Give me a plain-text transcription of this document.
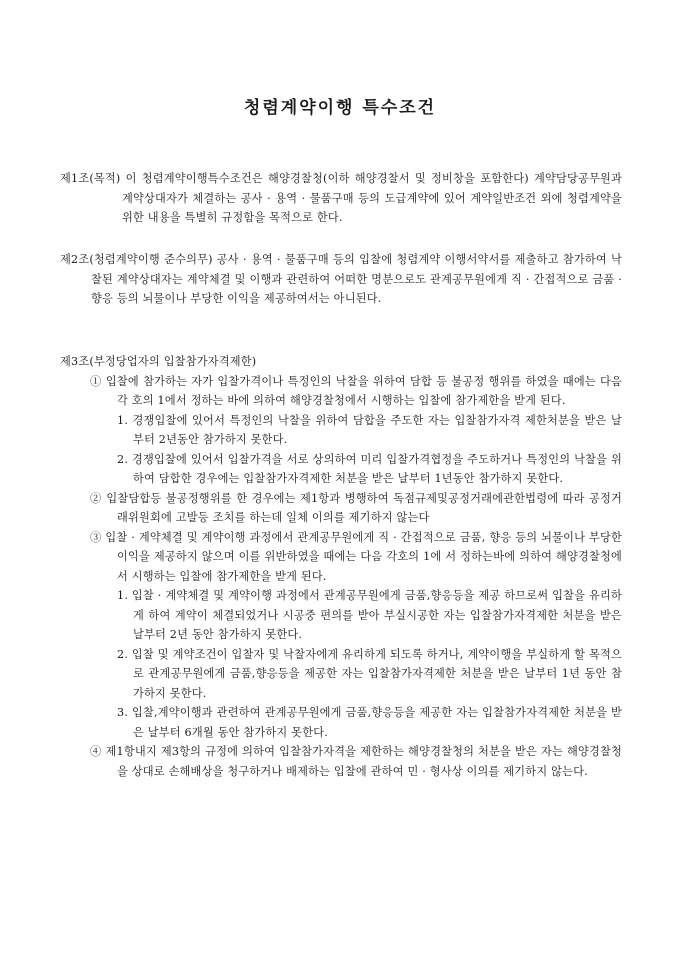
청렴계약이행 특수조건

제1조(목적) 이 청렴계약이행특수조건은 해양경찰청(이하 해양경찰서 및 정비창을 포함한다) 계약담당공무원과 계약상대자가 체결하는 공사 · 용역 · 물품구매 등의 도급계약에 있어 계약일반조건 외에 청렴계약을 위한 내용을 특별히 규정함을 목적으로 한다.

제2조(청렴계약이행 준수의무) 공사 · 용역 · 물품구매 등의 입찰에 청렴계약 이행서약서를 제출하고 참가하여 낙찰된 계약상대자는 계약체결 및 이행과 관련하여 어떠한 명분으로도 관계공무원에게 직 · 간접적으로 금품 · 향응 등의 뇌물이나 부당한 이익을 제공하여서는 아니된다.

제3조(부정당업자의 입찰참가자격제한)

① 입찰에 참가하는 자가 입찰가격이나 특정인의 낙찰을 위하여 담합 등 불공정 행위를 하였을 때에는 다음 각 호의 1에서 정하는 바에 의하여 해양경찰청에서 시행하는 입찰에 참가제한을 받게 된다.

1. 경쟁입찰에 있어서 특정인의 낙찰을 위하여 담합을 주도한 자는 입찰참가자격 제한처분을 받은 날부터 2년동안 참가하지 못한다.

2. 경쟁입찰에 있어서 입찰가격을 서로 상의하여 미리 입찰가격협정을 주도하거나 특정인의 낙찰을 위하여 담합한 경우에는 입찰참가자격제한 처분을 받은 날부터 1년동안 참가하지 못한다.

② 입찰담합등 불공정행위를 한 경우에는 제1항과 병행하여 독점규제및공정거래에관한법령에 따라 공정거래위원회에 고발등 조치를 하는데 일체 이의를 제기하지 않는다

③ 입찰 · 계약체결 및 계약이행 과정에서 관계공무원에게 직 · 간접적으로 금품, 향응 등의 뇌물이나 부당한 이익을 제공하지 않으며 이를 위반하였을 때에는 다음 각호의 1에 서 정하는바에 의하여 해양경찰청에서 시행하는 입찰에 참가제한을 받게 된다.

1. 입찰 · 계약체결 및 계약이행 과정에서 관계공무원에게 금품,향응등을 제공 하므로써 입찰을 유리하게 하여 계약이 체결되었거나 시공중 편의를 받아 부실시공한 자는 입찰참가자격제한 처분을 받은 날부터 2년 동안 참가하지 못한다.

2. 입찰 및 계약조건이 입찰자 및 낙찰자에게 유리하게 되도록 하거나, 계약이행을 부실하게 할 목적으로 관계공무원에게 금품,향응등을 제공한 자는 입찰참가자격제한 처분을 받은 날부터 1년 동안 참가하지 못한다.

3. 입찰,계약이행과 관련하여 관계공무원에게 금품,향응등을 제공한 자는 입찰참가자격제한 처분을 받은 날부터 6개월 동안 참가하지 못한다.

④ 제1항내지 제3항의 규정에 의하여 입찰참가자격을 제한하는 해양경찰청의 처분을 받은 자는 해양경찰청을 상대로 손해배상을 청구하거나 배제하는 입찰에 관하여 민 · 형사상 이의를 제기하지 않는다.
